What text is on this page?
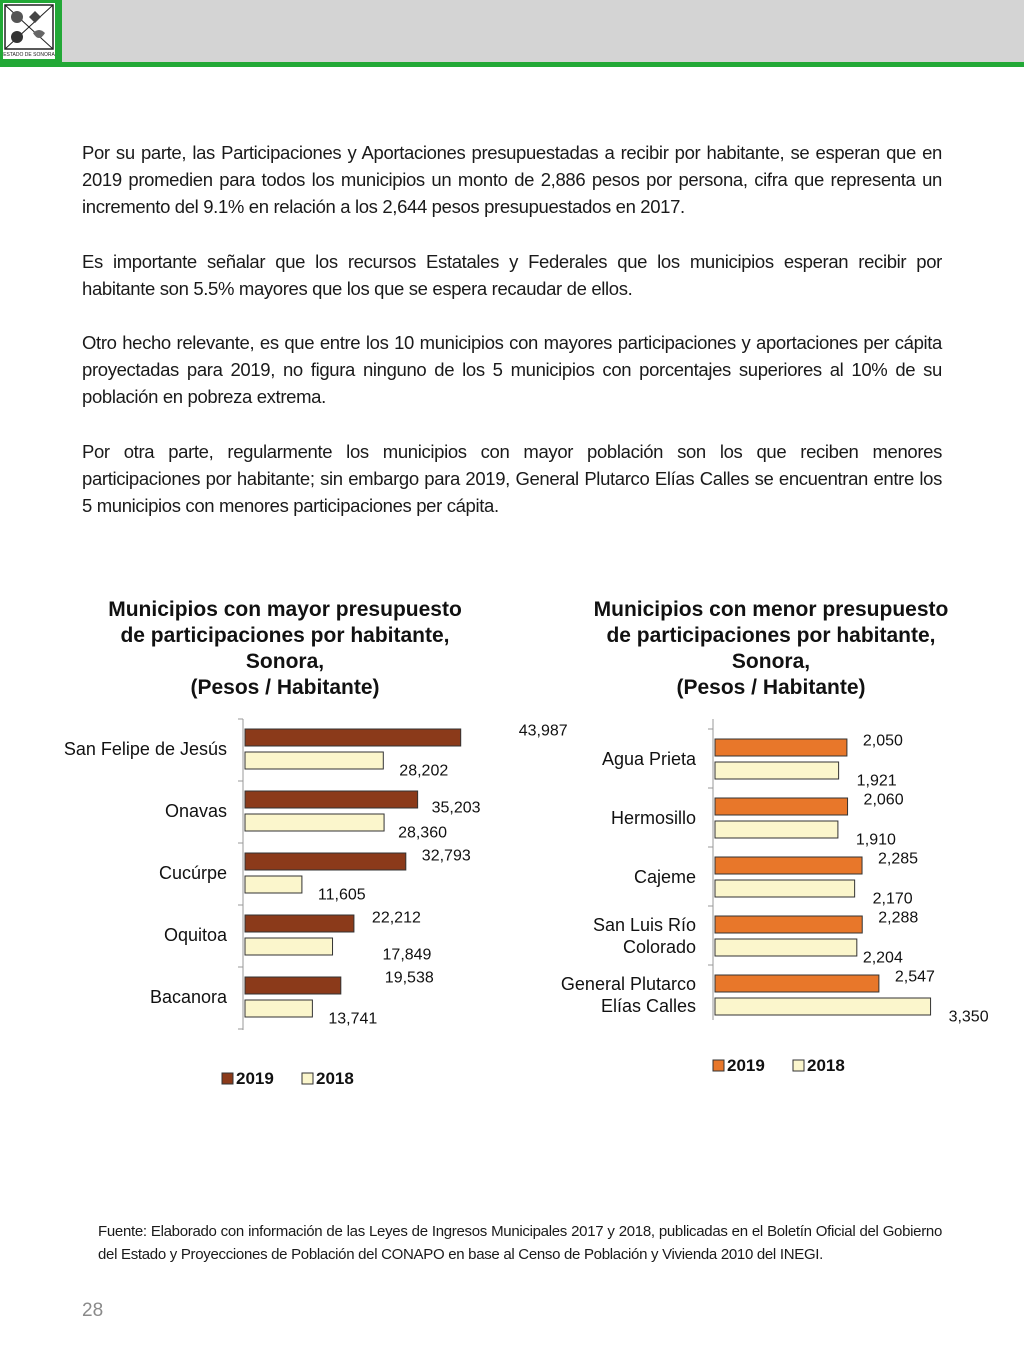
ESTADO DE SONORA

Por su parte, las Participaciones y Aportaciones presupuestadas a recibir por habitante, se esperan que en 2019 promedien para todos los municipios un monto de 2,886 pesos por persona, cifra que representa un incremento del 9.1% en relación a los 2,644 pesos presupuestados en 2017.

Es importante señalar que los recursos Estatales y Federales que los municipios esperan recibir por habitante son 5.5% mayores que los que se espera recaudar de ellos.

Otro hecho relevante, es que entre los 10 municipios con mayores participaciones y aportaciones per cápita proyectadas para 2019, no figura ninguno de los 5 municipios con porcentajes superiores al 10% de su población en pobreza extrema.

Por otra parte, regularmente los municipios con mayor población son los que reciben menores participaciones por habitante; sin embargo para 2019, General Plutarco Elías Calles se encuentran entre los 5 municipios con menores participaciones per cápita.

Municipios con mayor presupuesto
de participaciones por habitante,
Sonora,
(Pesos / Habitante)
Municipios con menor presupuesto
de participaciones por habitante,
Sonora,
(Pesos / Habitante)
43,987
28,202
San Felipe de Jesús
35,203
28,360
Onavas
32,793
11,605
Cucúrpe
22,212
17,849
Oquitoa
19,538
13,741
Bacanora
2019 2018
2,050
1,921
Agua Prieta
2,060
1,910
Hermosillo
2,285
2,170
Cajeme
2,288
2,204
San Luis Río
Colorado
2,547
3,350
General Plutarco
Elías Calles
2019 2018

Fuente: Elaborado con información de las Leyes de Ingresos Municipales 2017 y 2018, publicadas en el Boletín Oficial del Gobierno del Estado y Proyecciones de Población del CONAPO en base al Censo de Población y Vivienda 2010 del INEGI.

28
